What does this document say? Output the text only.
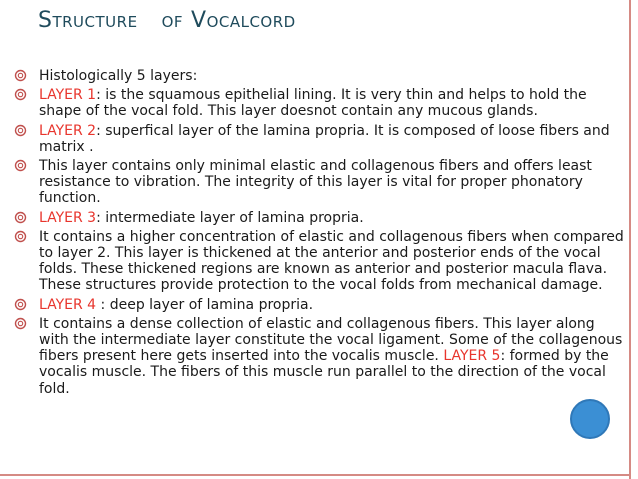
STRUCTURE OF VOCALCORD
Histologically 5 layers:
LAYER 1: is the squamous epithelial lining. It is very thin and helps to hold the shape of the vocal fold. This layer doesnot contain any mucous glands.
LAYER 2: superfical layer of the lamina propria. It is composed of loose fibers and matrix .
This layer contains only minimal elastic and collagenous fibers and offers least resistance to vibration. The integrity of this layer is vital for proper phonatory function.
LAYER 3: intermediate layer of lamina propria.
It contains a higher concentration of elastic and collagenous fibers when compared to layer 2. This layer is thickened at the anterior and posterior ends of the vocal folds. These thickened regions are known as anterior and posterior macula flava. These structures provide protection to the vocal folds from mechanical damage.
LAYER 4 : deep layer of lamina propria.
It contains a dense collection of elastic and collagenous fibers. This layer along with the intermediate layer constitute the vocal ligament. Some of the collagenous fibers present here gets inserted into the vocalis muscle. LAYER 5: formed by the vocalis muscle. The fibers of this muscle run parallel to the direction of the vocal fold.
